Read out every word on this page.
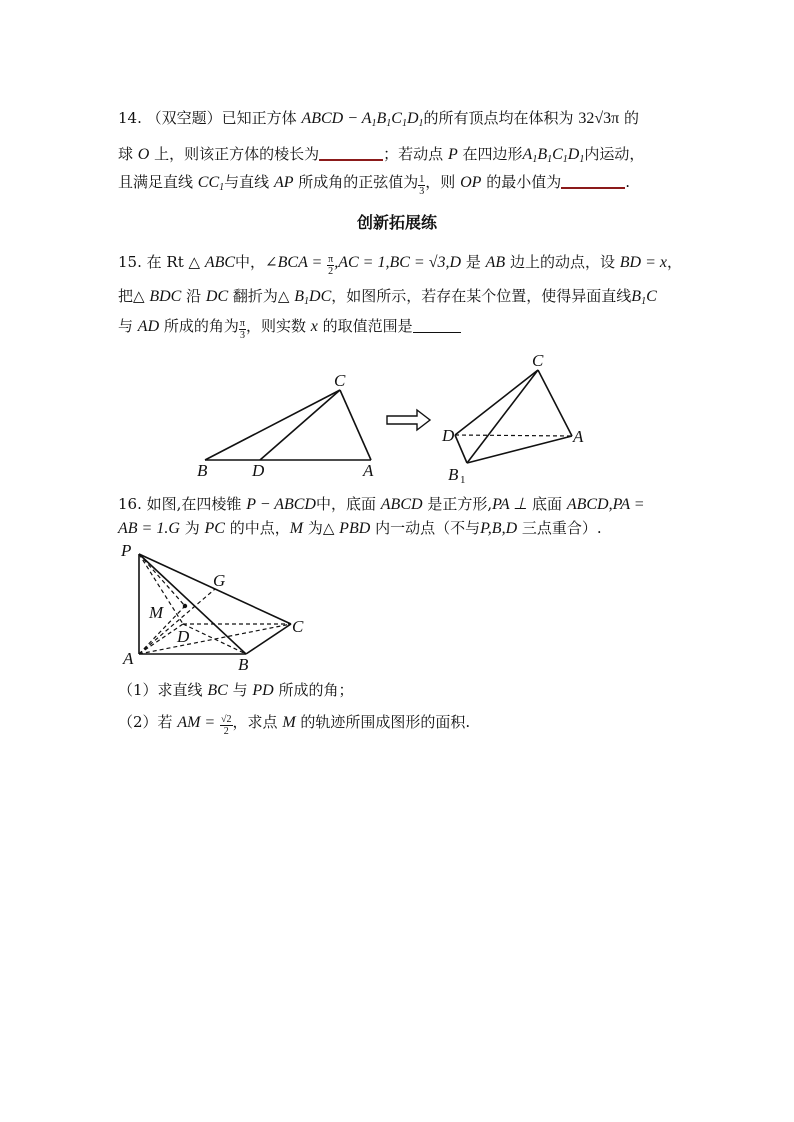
14. （双空题）已知正方体 ABCD − $A_1B_1C_1D_1$的所有顶点均在体积为 32√3π 的
球 O 上，则该正方体的棱长为	；若动点 P 在四边形$A_1B_1C_1D_1$内运动，
且满足直线 $CC_1$与直线 AP 所成角的正弦值为 $\frac{1}{3}$ ，则 OP 的最小值为	.
创新拓展练
15. 在 Rt △ ABC中，∠BCA = $\frac{\pi}{2} ,AC = 1,BC = √3,D$ 是 AB 边上的动点，设 BD = x，
把△ BDC 沿 DC 翻折为△ $B_1DC$，如图所示，若存在某个位置，使得异面直线$B_1C$
与 AD 所成的角为 $\frac{\pi}{3}$ ，则实数 x 的取值范围是
B	D
C
A
C
D	A
B 1
16. 如图,在四棱锥 P − ABCD中，底面 ABCD 是正方形,PA ⊥ 底面 ABCD,PA =
AB = 1.G 为 PC 的中点，M 为△ PBD 内一动点（不与P,B,D 三点重合）.
P
A	B
C
D
G
M
（1）求直线 BC 与 PD 所成的角；
（2）若 AM = $\frac{√2}{2}$ ，求点 M 的轨迹所围成图形的面积.
